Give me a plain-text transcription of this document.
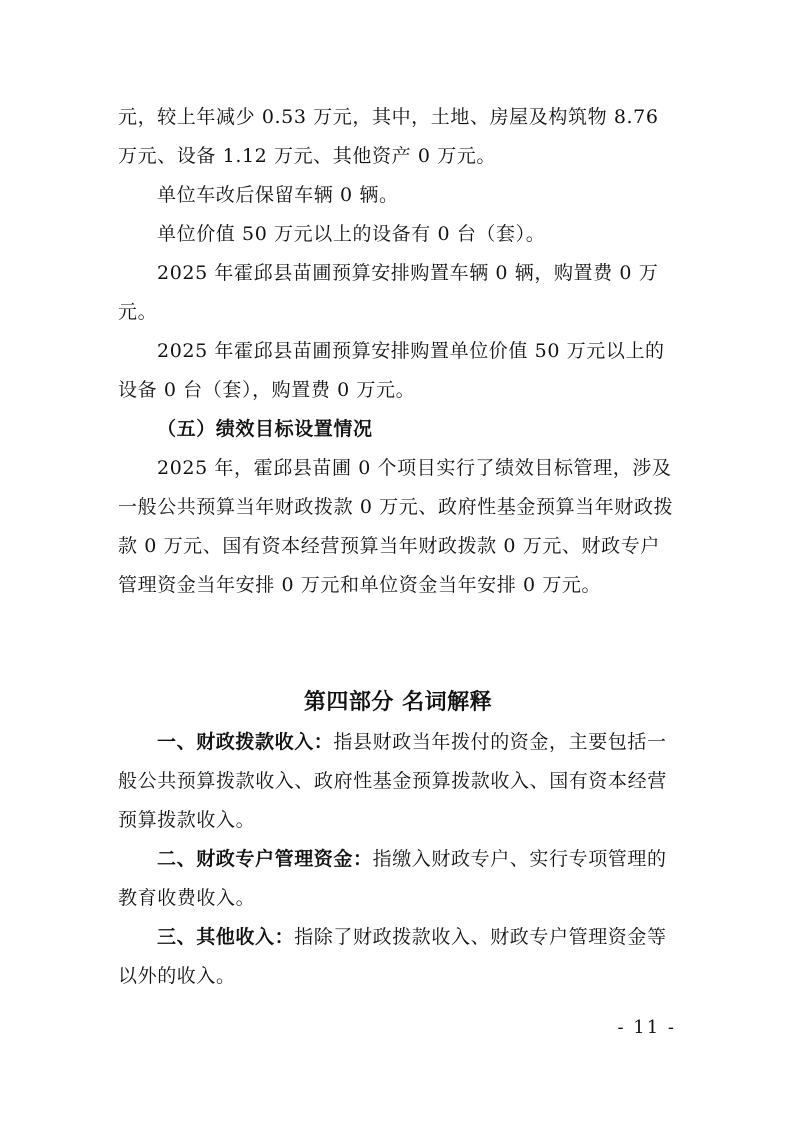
元，较上年减少 0.53 万元，其中，土地、房屋及构筑物 8.76 万元、设备 1.12 万元、其他资产 0 万元。

单位车改后保留车辆 0 辆。

单位价值 50 万元以上的设备有 0 台（套）。

2025 年霍邱县苗圃预算安排购置车辆 0 辆，购置费 0 万元。

2025 年霍邱县苗圃预算安排购置单位价值 50 万元以上的设备 0 台（套），购置费 0 万元。

（五）绩效目标设置情况

2025 年，霍邱县苗圃 0 个项目实行了绩效目标管理，涉及一般公共预算当年财政拨款 0 万元、政府性基金预算当年财政拨款 0 万元、国有资本经营预算当年财政拨款 0 万元、财政专户管理资金当年安排 0 万元和单位资金当年安排 0 万元。

第四部分 名词解释

一、财政拨款收入：指县财政当年拨付的资金，主要包括一般公共预算拨款收入、政府性基金预算拨款收入、国有资本经营预算拨款收入。

二、财政专户管理资金：指缴入财政专户、实行专项管理的教育收费收入。

三、其他收入：指除了财政拨款收入、财政专户管理资金等以外的收入。

- 11 -
